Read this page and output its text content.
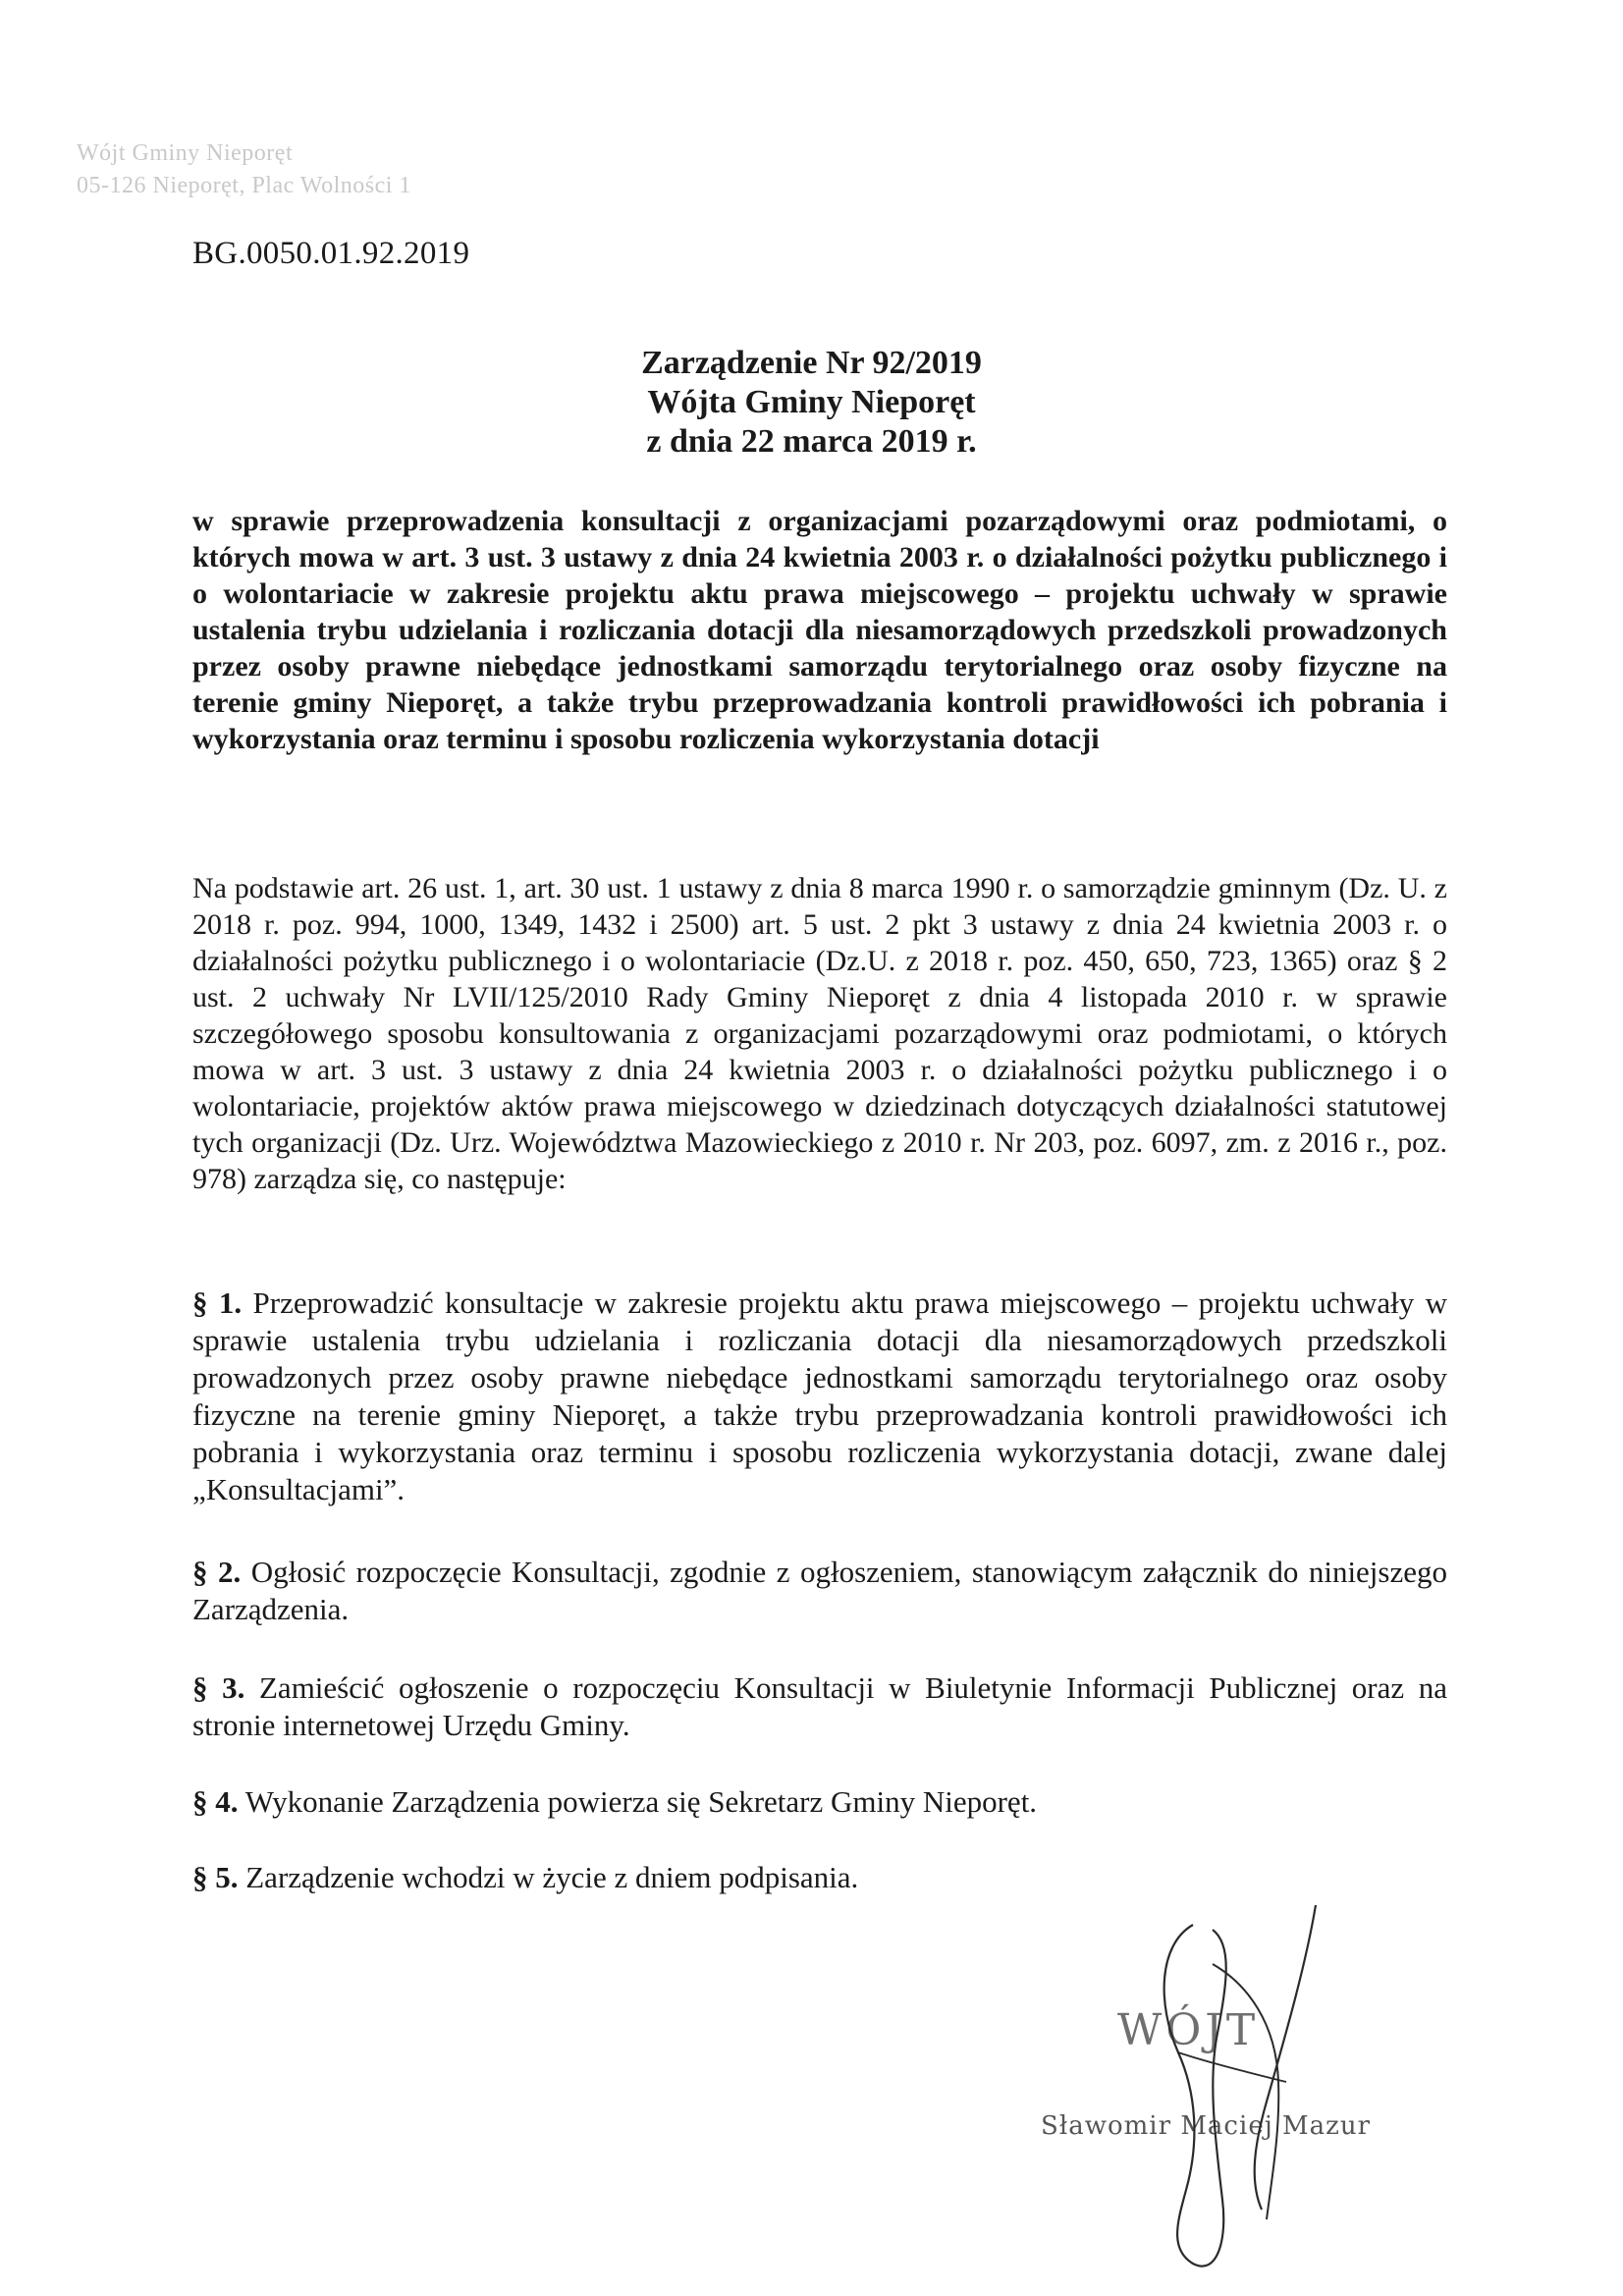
Wójt Gminy Nieporęt
05-126 Nieporęt, Plac Wolności 1
BG.0050.01.92.2019
Zarządzenie Nr 92/2019
Wójta Gminy Nieporęt
z dnia 22 marca 2019 r.
w sprawie przeprowadzenia konsultacji z organizacjami pozarządowymi oraz podmiotami, o których mowa w art. 3 ust. 3 ustawy z dnia 24 kwietnia 2003 r. o działalności pożytku publicznego i o wolontariacie w zakresie projektu aktu prawa miejscowego – projektu uchwały w sprawie ustalenia trybu udzielania i rozliczania dotacji dla niesamorządowych przedszkoli prowadzonych przez osoby prawne niebędące jednostkami samorządu terytorialnego oraz osoby fizyczne na terenie gminy Nieporęt, a także trybu przeprowadzania kontroli prawidłowości ich pobrania i wykorzystania oraz terminu i sposobu rozliczenia wykorzystania dotacji
Na podstawie art. 26 ust. 1, art. 30 ust. 1 ustawy z dnia 8 marca 1990 r. o samorządzie gminnym (Dz. U. z 2018 r. poz. 994, 1000, 1349, 1432 i 2500) art. 5 ust. 2 pkt 3 ustawy z dnia 24 kwietnia 2003 r. o działalności pożytku publicznego i o wolontariacie (Dz.U. z 2018 r. poz. 450, 650, 723, 1365) oraz § 2 ust. 2 uchwały Nr LVII/125/2010 Rady Gminy Nieporęt z dnia 4 listopada 2010 r. w sprawie szczegółowego sposobu konsultowania z organizacjami pozarządowymi oraz podmiotami, o których mowa w art. 3 ust. 3 ustawy z dnia 24 kwietnia 2003 r. o działalności pożytku publicznego i o wolontariacie, projektów aktów prawa miejscowego w dziedzinach dotyczących działalności statutowej tych organizacji (Dz. Urz. Województwa Mazowieckiego z 2010 r. Nr 203, poz. 6097, zm. z 2016 r., poz. 978) zarządza się, co następuje:
§ 1. Przeprowadzić konsultacje w zakresie projektu aktu prawa miejscowego – projektu uchwały w sprawie ustalenia trybu udzielania i rozliczania dotacji dla niesamorządowych przedszkoli prowadzonych przez osoby prawne niebędące jednostkami samorządu terytorialnego oraz osoby fizyczne na terenie gminy Nieporęt, a także trybu przeprowadzania kontroli prawidłowości ich pobrania i wykorzystania oraz terminu i sposobu rozliczenia wykorzystania dotacji, zwane dalej „Konsultacjami”.
§ 2. Ogłosić rozpoczęcie Konsultacji, zgodnie z ogłoszeniem, stanowiącym załącznik do niniejszego Zarządzenia.
§ 3. Zamieścić ogłoszenie o rozpoczęciu Konsultacji w Biuletynie Informacji Publicznej oraz na stronie internetowej Urzędu Gminy.
§ 4. Wykonanie Zarządzenia powierza się Sekretarz Gminy Nieporęt.
§ 5. Zarządzenie wchodzi w życie z dniem podpisania.
WÓJT
Sławomir Maciej Mazur
